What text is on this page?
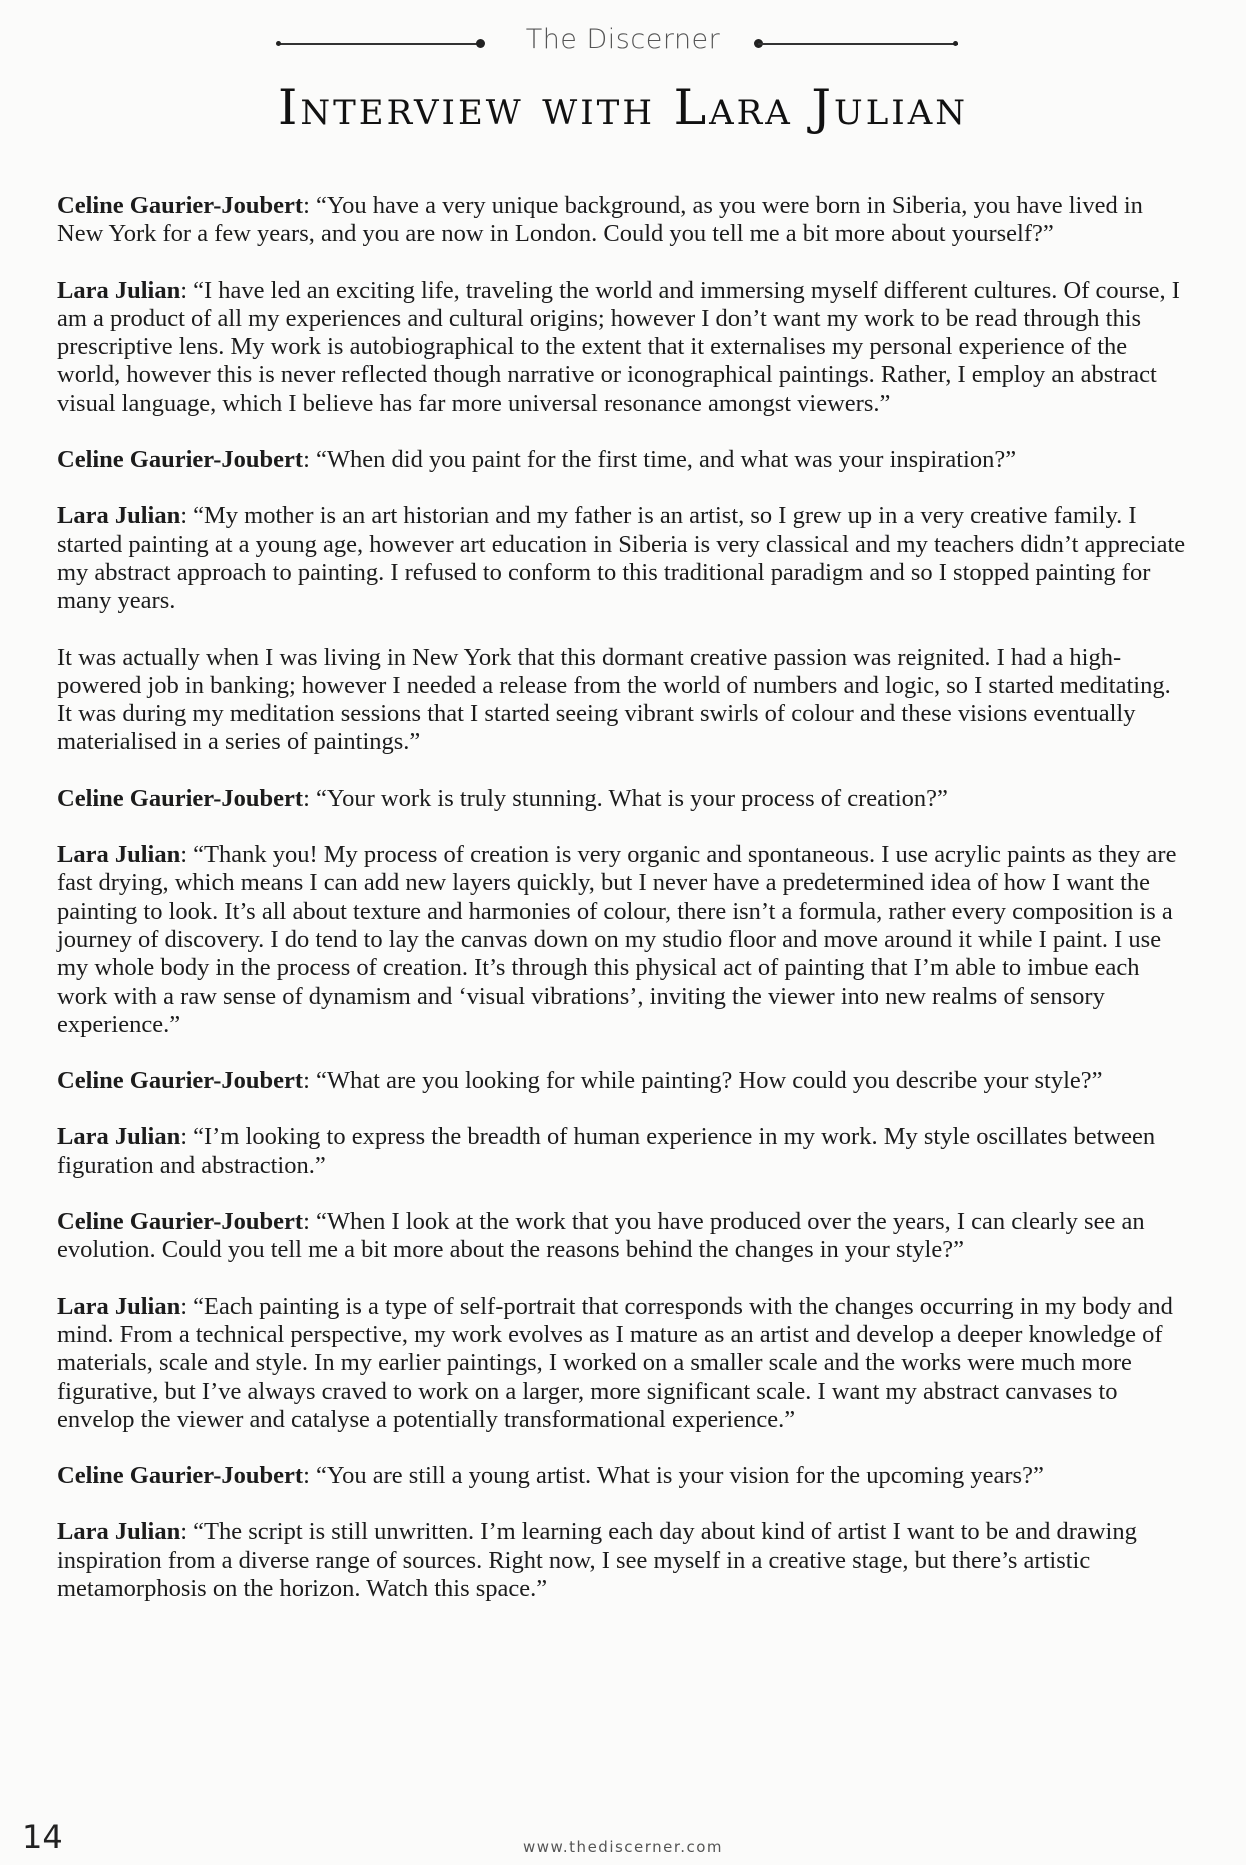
The Discerner
Interview with Lara Julian

Celine Gaurier-Joubert: “You have a very unique background, as you were born in Siberia, you have lived in New York for a few years, and you are now in London. Could you tell me a bit more about yourself?”

Lara Julian: “I have led an exciting life, traveling the world and immersing myself different cultures. Of course, I am a product of all my experiences and cultural origins; however I don’t want my work to be read through this prescriptive lens. My work is autobiographical to the extent that it externalises my personal experience of the world, however this is never reflected though narrative or iconographical paintings. Rather, I employ an abstract visual language, which I believe has far more universal resonance amongst viewers.”

Celine Gaurier-Joubert: “When did you paint for the first time, and what was your inspiration?”

Lara Julian: “My mother is an art historian and my father is an artist, so I grew up in a very creative family. I started painting at a young age, however art education in Siberia is very classical and my teachers didn’t appreciate my abstract approach to painting. I refused to conform to this traditional paradigm and so I stopped painting for many years.

It was actually when I was living in New York that this dormant creative passion was reignited. I had a high-powered job in banking; however I needed a release from the world of numbers and logic, so I started meditating. It was during my meditation sessions that I started seeing vibrant swirls of colour and these visions eventually materialised in a series of paintings.”

Celine Gaurier-Joubert: “Your work is truly stunning. What is your process of creation?”

Lara Julian: “Thank you! My process of creation is very organic and spontaneous. I use acrylic paints as they are fast drying, which means I can add new layers quickly, but I never have a predetermined idea of how I want the painting to look. It’s all about texture and harmonies of colour, there isn’t a formula, rather every composition is a journey of discovery. I do tend to lay the canvas down on my studio floor and move around it while I paint. I use my whole body in the process of creation. It’s through this physical act of painting that I’m able to imbue each work with a raw sense of dynamism and ‘visual vibrations’, inviting the viewer into new realms of sensory experience.”

Celine Gaurier-Joubert: “What are you looking for while painting? How could you describe your style?”

Lara Julian: “I’m looking to express the breadth of human experience in my work. My style oscillates between figuration and abstraction.”

Celine Gaurier-Joubert: “When I look at the work that you have produced over the years, I can clearly see an evolution. Could you tell me a bit more about the reasons behind the changes in your style?”

Lara Julian: “Each painting is a type of self-portrait that corresponds with the changes occurring in my body and mind. From a technical perspective, my work evolves as I mature as an artist and develop a deeper knowledge of materials, scale and style. In my earlier paintings, I worked on a smaller scale and the works were much more figurative, but I’ve always craved to work on a larger, more significant scale. I want my abstract canvases to envelop the viewer and catalyse a potentially transformational experience.”

Celine Gaurier-Joubert: “You are still a young artist. What is your vision for the upcoming years?”

Lara Julian: “The script is still unwritten. I’m learning each day about kind of artist I want to be and drawing inspiration from a diverse range of sources. Right now, I see myself in a creative stage, but there’s artistic metamorphosis on the horizon. Watch this space.”

14	www.thediscerner.com
